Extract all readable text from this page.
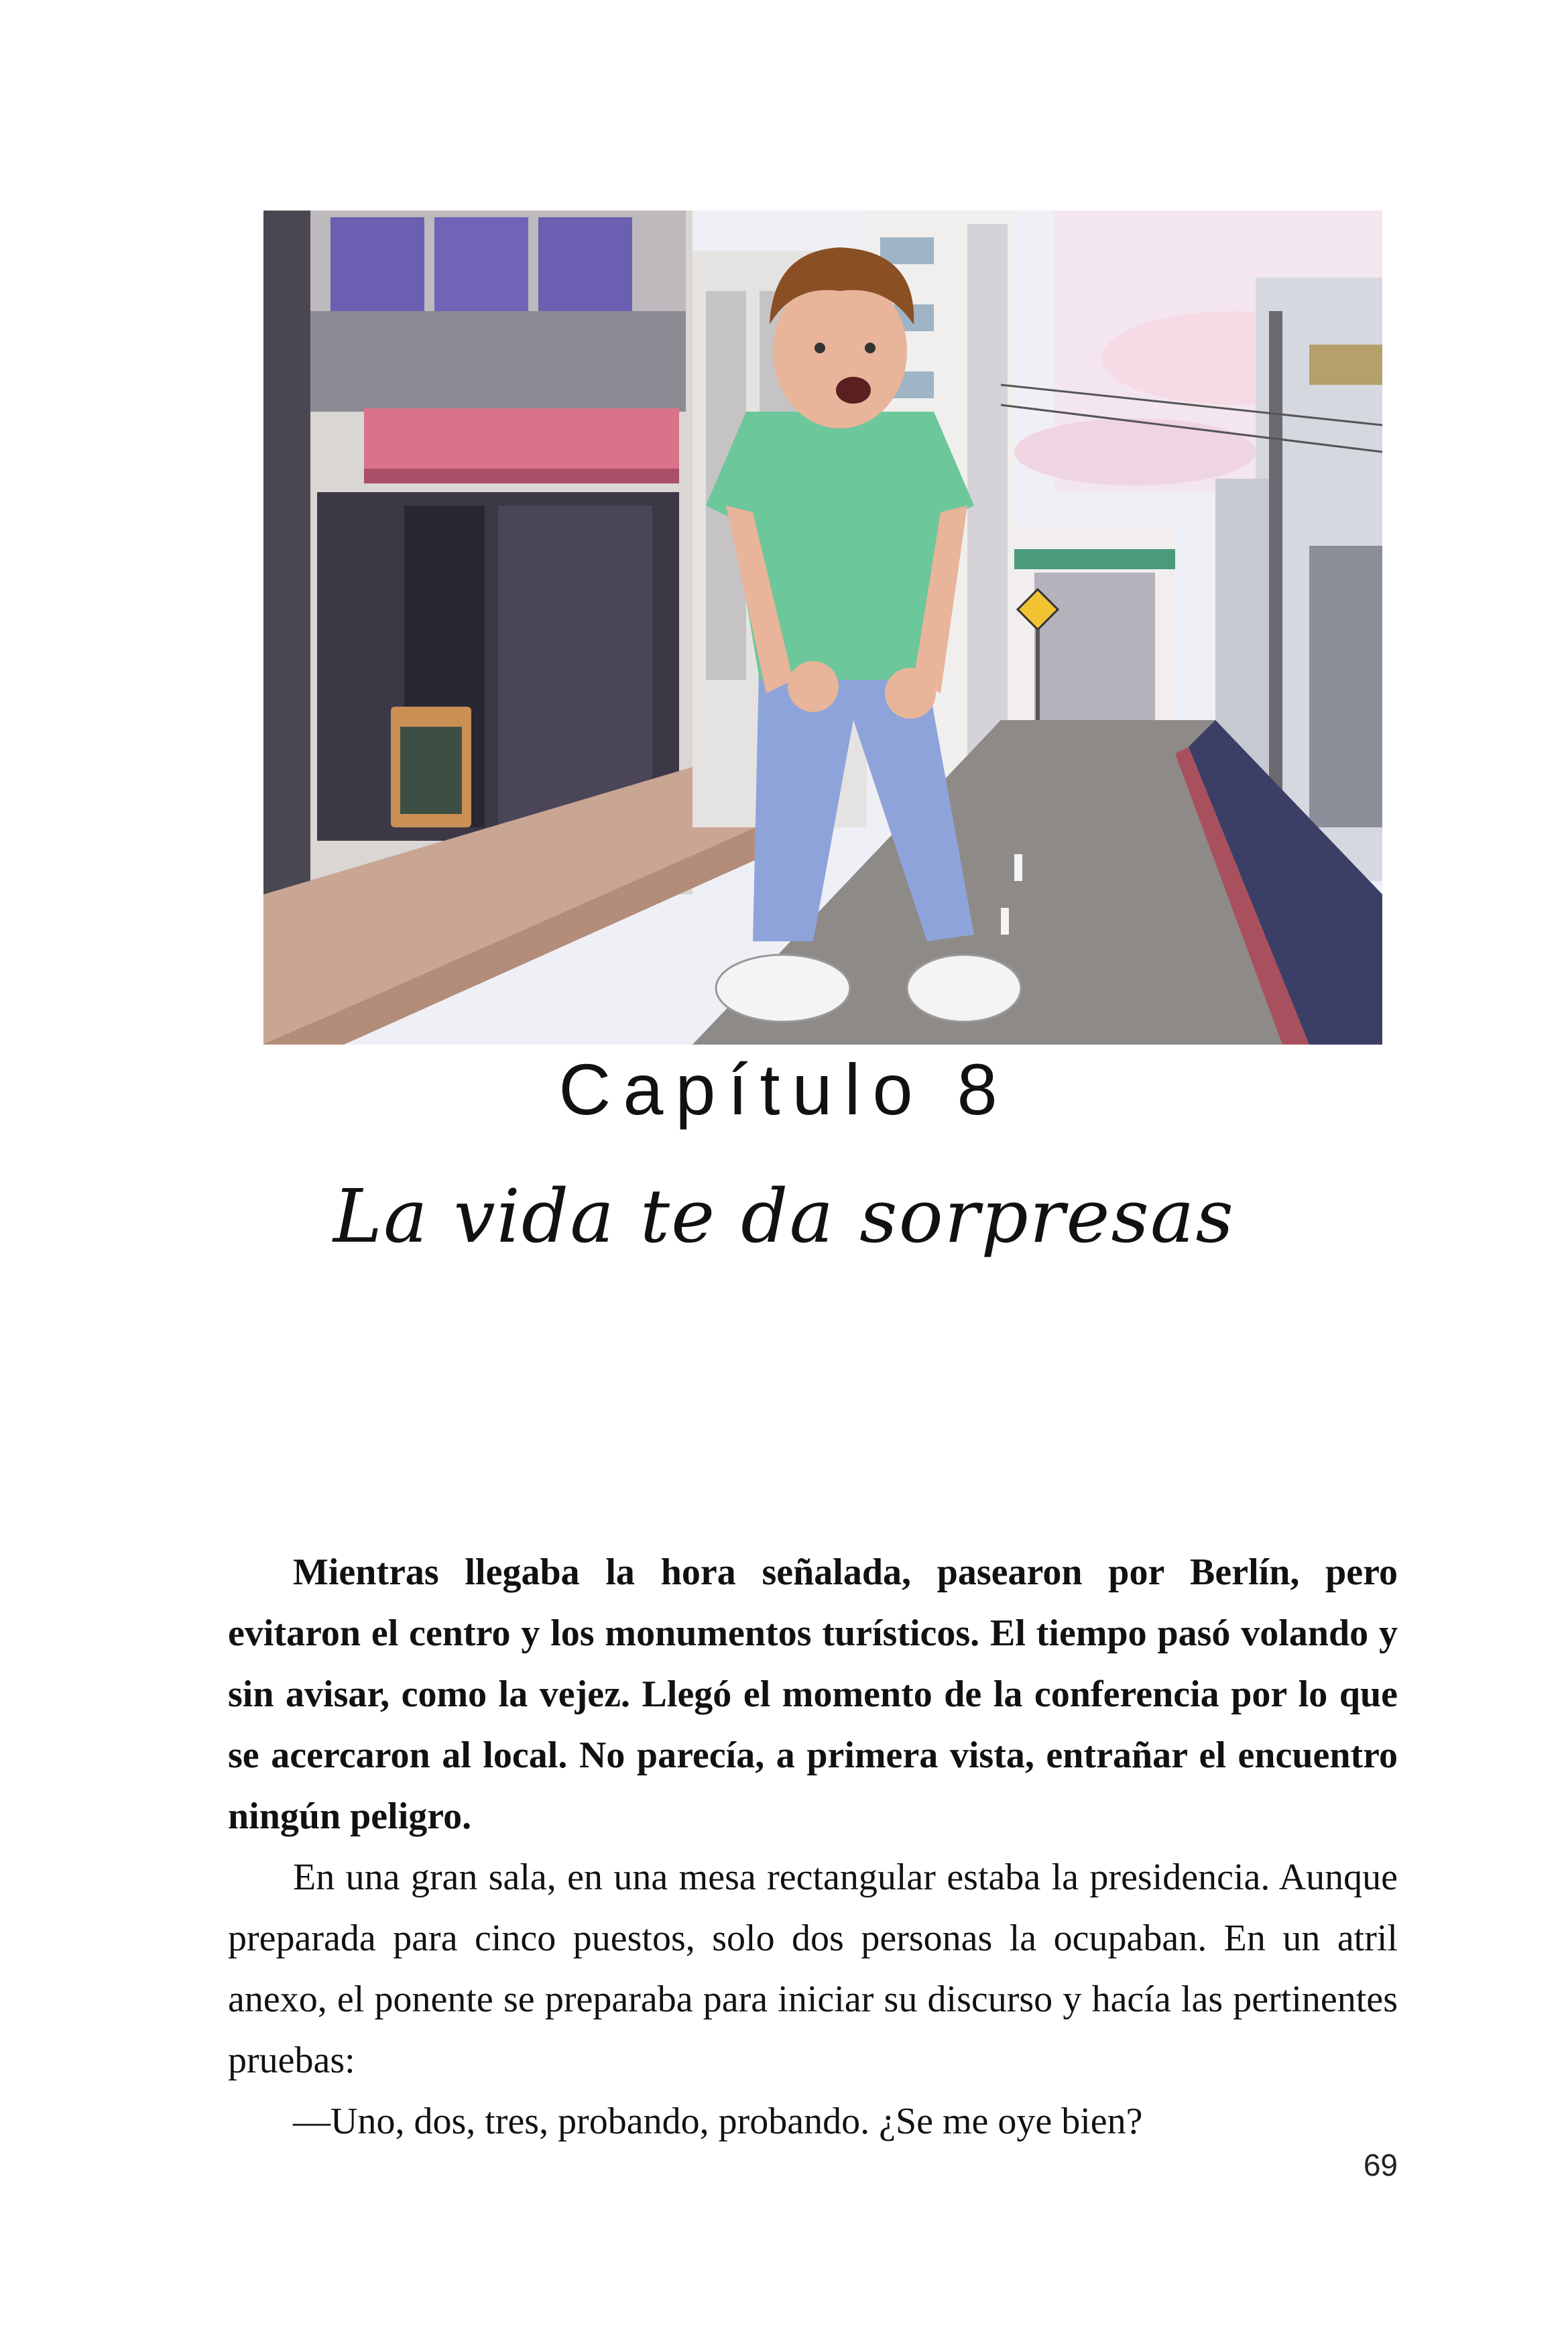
Capítulo 8
La vida te da sorpresas

Mientras llegaba la hora señalada, pasearon por Berlín, pero evitaron el centro y los monumentos turísticos. El tiempo pasó volando y sin avisar, como la vejez. Llegó el momento de la conferencia por lo que se acercaron al local. No parecía, a primera vista, entrañar el encuentro ningún peligro.

En una gran sala, en una mesa rectangular estaba la presidencia. Aunque preparada para cinco puestos, solo dos personas la ocupaban. En un atril anexo, el ponente se preparaba para iniciar su discurso y hacía las pertinentes pruebas:

—Uno, dos, tres, probando, probando. ¿Se me oye bien?

69
